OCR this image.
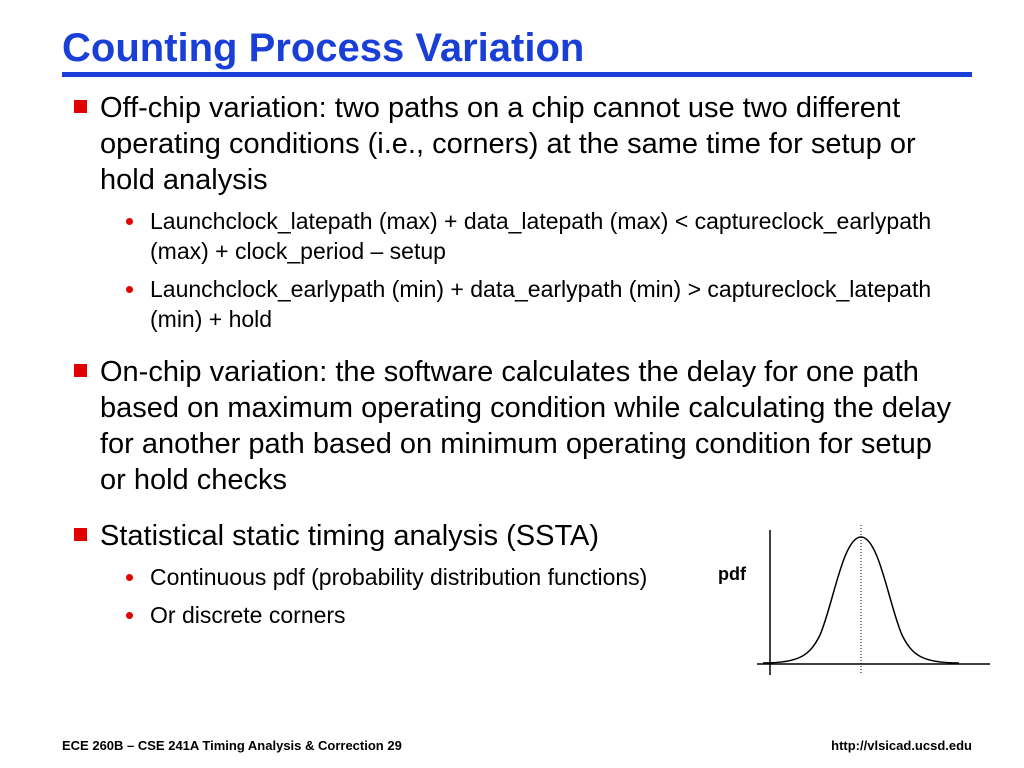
Counting Process Variation

Off-chip variation: two paths on a chip cannot use two different operating conditions (i.e., corners) at the same time for setup or hold analysis

Launchclock_latepath (max) + data_latepath (max) < captureclock_earlypath (max) + clock_period – setup

Launchclock_earlypath (min) + data_earlypath (min) > captureclock_latepath (min) + hold

On-chip variation: the software calculates the delay for one path based on maximum operating condition while calculating the delay for another path based on minimum operating condition for setup or hold checks

Statistical static timing analysis (SSTA)

Continuous pdf (probability distribution functions)

Or discrete corners

pdf
ECE 260B – CSE 241A Timing Analysis & Correction 29	http://vlsicad.ucsd.edu
